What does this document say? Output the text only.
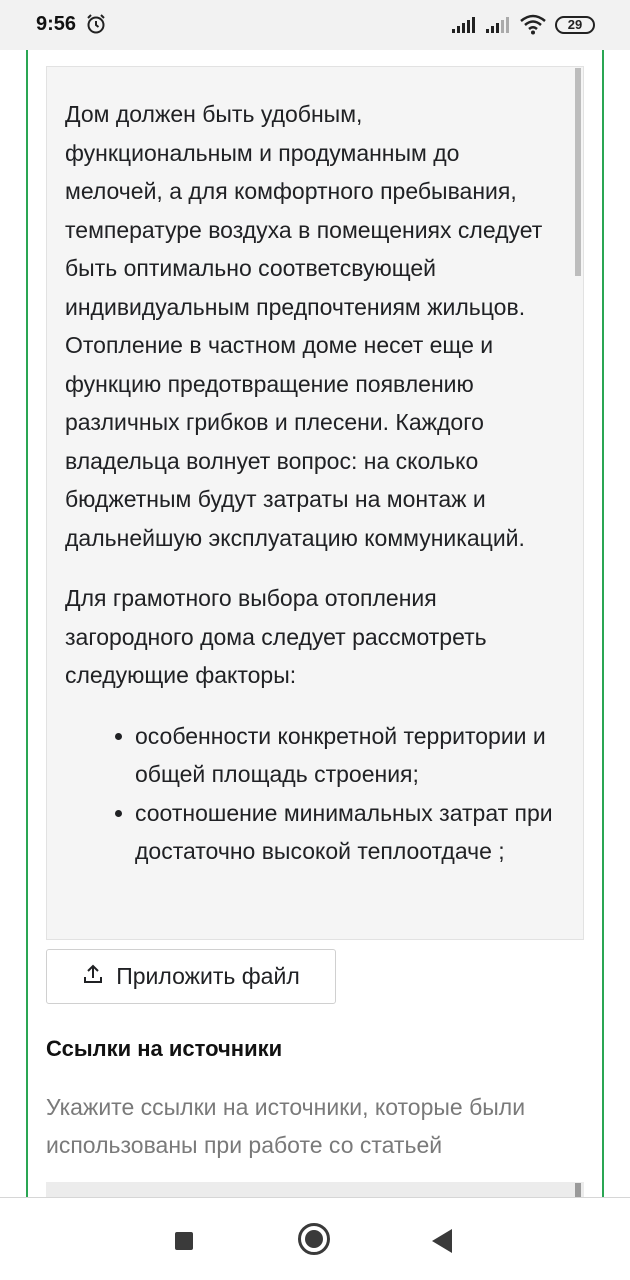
9:56	29

Дом должен быть удобным, функциональным и продуманным до мелочей, а для комфортного пребывания, температуре воздуха в помещениях следует быть оптимально соответсвующей индивидуальным предпочтениям жильцов. Отопление в частном доме несет еще и функцию предотвращение появлению различных грибков и плесени. Каждого владельца волнует вопрос: на сколько бюджетным будут затраты на монтаж и дальнейшую эксплуатацию коммуникаций.

Для грамотного выбора отопления загородного дома следует рассмотреть следующие факторы:

особенности конкретной территории и общей площадь строения;
соотношение минимальных затрат при достаточно высокой теплоотдаче ;
Приложить файл
Ссылки на источники
Укажите ссылки на источники, которые были использованы при работе со статьей
